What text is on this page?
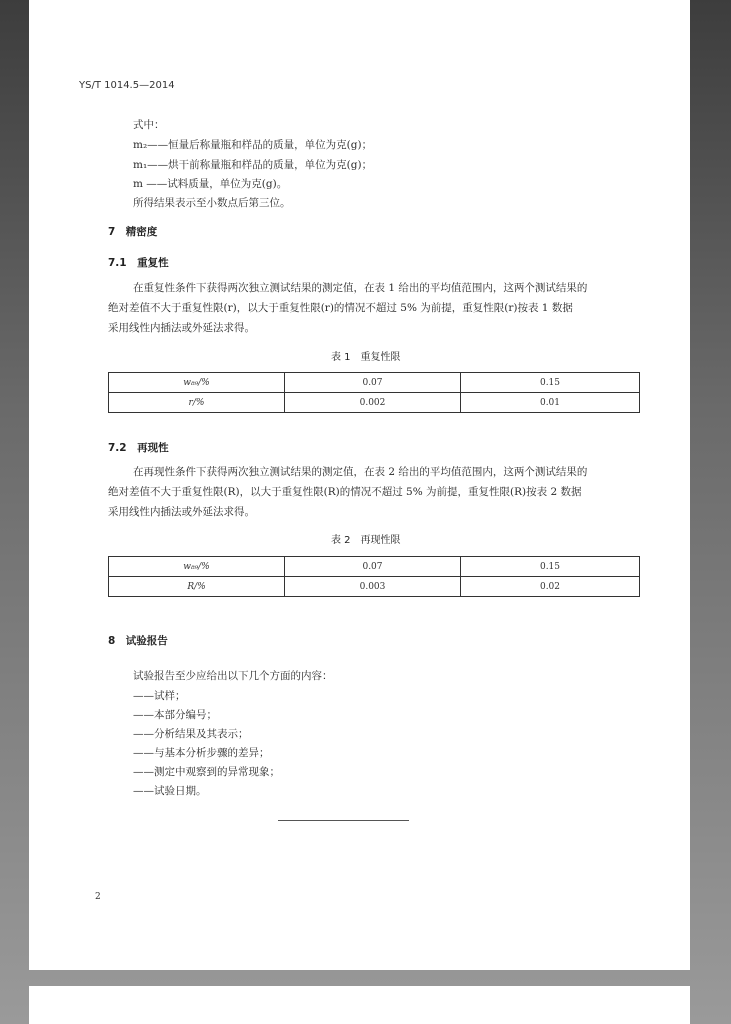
YS/T 1014.5—2014
式中：
m₂——恒量后称量瓶和样品的质量，单位为克(g)；
m₁——烘干前称量瓶和样品的质量，单位为克(g)；
m ——试料质量，单位为克(g)。
所得结果表示至小数点后第三位。
7　精密度
7.1　重复性
在重复性条件下获得两次独立测试结果的测定值，在表 1 给出的平均值范围内，这两个测试结果的
绝对差值不大于重复性限(r)，以大于重复性限(r)的情况不超过 5% 为前提，重复性限(r)按表 1 数据
采用线性内插法或外延法求得。
表 1　重复性限
w₈₉/%	0.07	0.15
r/%	0.002	0.01
7.2　再现性
在再现性条件下获得两次独立测试结果的测定值，在表 2 给出的平均值范围内，这两个测试结果的
绝对差值不大于重复性限(R)，以大于重复性限(R)的情况不超过 5% 为前提，重复性限(R)按表 2 数据
采用线性内插法或外延法求得。
表 2　再现性限
w₈₉/%	0.07	0.15
R/%	0.003	0.02
8　试验报告
试验报告至少应给出以下几个方面的内容：
——试样；
——本部分编号；
——分析结果及其表示；
——与基本分析步骤的差异；
——测定中观察到的异常现象；
——试验日期。
2
